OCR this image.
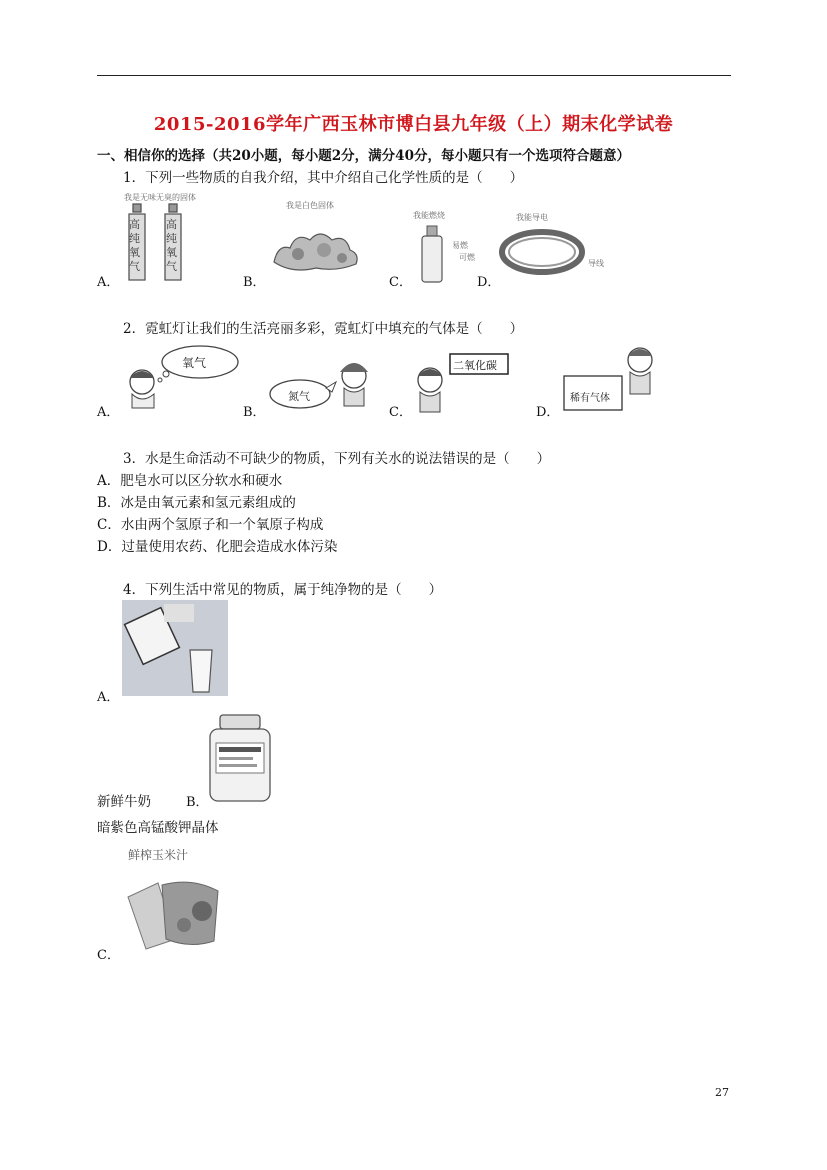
2015-2016学年广西玉林市博白县九年级（上）期末化学试卷
一、相信你的选择（共20小题，每小题2分，满分40分，每小题只有一个选项符合题意）
1．下列一些物质的自我介绍，其中介绍自己化学性质的是（　　）
A．
我是无味无臭的固体
高纯氧气
高纯氧气
B．
我是白色固体
C．
我能燃烧
易燃
可燃
D．
我能导电
导线
2．霓虹灯让我们的生活亮丽多彩，霓虹灯中填充的气体是（　　）
A．
氧气
B．
氮气
C．
二氧化碳
D．
稀有气体
3．水是生命活动不可缺少的物质，下列有关水的说法错误的是（　　）
A．肥皂水可以区分软水和硬水
B．冰是由氧元素和氢元素组成的
C．水由两个氢原子和一个氧原子构成
D．过量使用农药、化肥会造成水体污染
4．下列生活中常见的物质，属于纯净物的是（　　）
A．
新鲜牛奶	B．
暗紫色高锰酸钾晶体
鲜榨玉米汁
C．
27
